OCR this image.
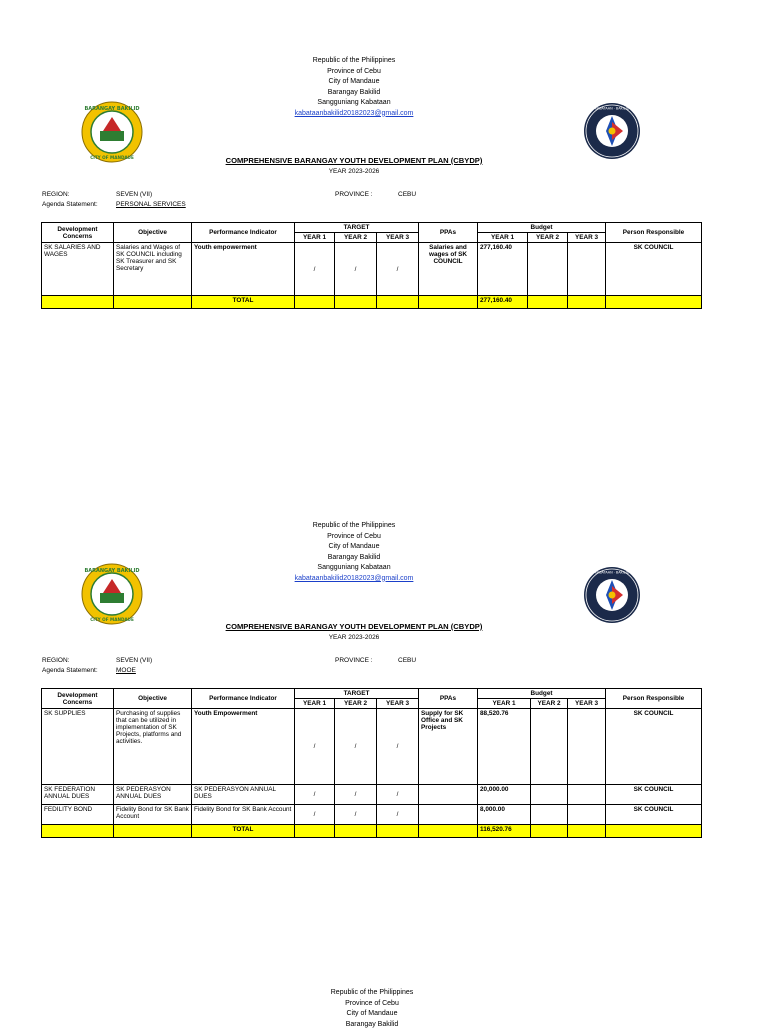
Republic of the Philippines
Province of Cebu
City of Mandaue
Barangay Bakilid
Sangguniang Kabataan
kabataanbakilid20182023@gmail.com
BARANGAY BAKILID
CITY OF MANDAUE
SANGGUNIANG KABATAAN · BAKILID MANDAUE CITY
COMPREHENSIVE BARANGAY YOUTH DEVELOPMENT PLAN (CBYDP)
YEAR 2023-2026
REGION:	SEVEN (VII)	PROVINCE :	CEBU
Agenda Statement:	PERSONAL SERVICES
Development Concerns	Objective	Performance Indicator	TARGET			PPAs	Budget			Person Responsible
			YEAR 1	YEAR 2	YEAR 3		YEAR 1	YEAR 2	YEAR 3	
SK SALARIES AND WAGES	Salaries and Wages of SK COUNCIL including SK Treasurer and SK Secretary	Youth empowerment	/	/	/	Salaries and wages of SK COUNCIL	277,160.40			SK COUNCIL
		TOTAL					277,160.40			
Republic of the Philippines
Province of Cebu
City of Mandaue
Barangay Bakilid
Sangguniang Kabataan
kabataanbakilid20182023@gmail.com
BARANGAY BAKILID
CITY OF MANDAUE
SANGGUNIANG KABATAAN · BAKILID MANDAUE CITY
COMPREHENSIVE BARANGAY YOUTH DEVELOPMENT PLAN (CBYDP)
YEAR 2023-2026
REGION:	SEVEN (VII)	PROVINCE :	CEBU
Agenda Statement:	MOOE
Development Concerns	Objective	Performance Indicator	TARGET			PPAs	Budget			Person Responsible
			YEAR 1	YEAR 2	YEAR 3		YEAR 1	YEAR 2	YEAR 3	
SK SUPPLIES	Purchasing of supplies that can be utilized in implementation of SK Projects, platforms and activities.	Youth Empowerment	/	/	/	Supply for SK Office and SK Projects	88,520.76			SK COUNCIL
SK FEDERATION ANNUAL DUES	SK PEDERASYON ANNUAL DUES	SK PEDERASYON ANNUAL DUES	/	/	/		20,000.00			SK COUNCIL
FEDILITY BOND	Fidelity Bond for SK Bank Account	Fidelity Bond for SK Bank Account	/	/	/		8,000.00			SK COUNCIL
		TOTAL					116,520.76			
Republic of the Philippines
Province of Cebu
City of Mandaue
Barangay Bakilid
